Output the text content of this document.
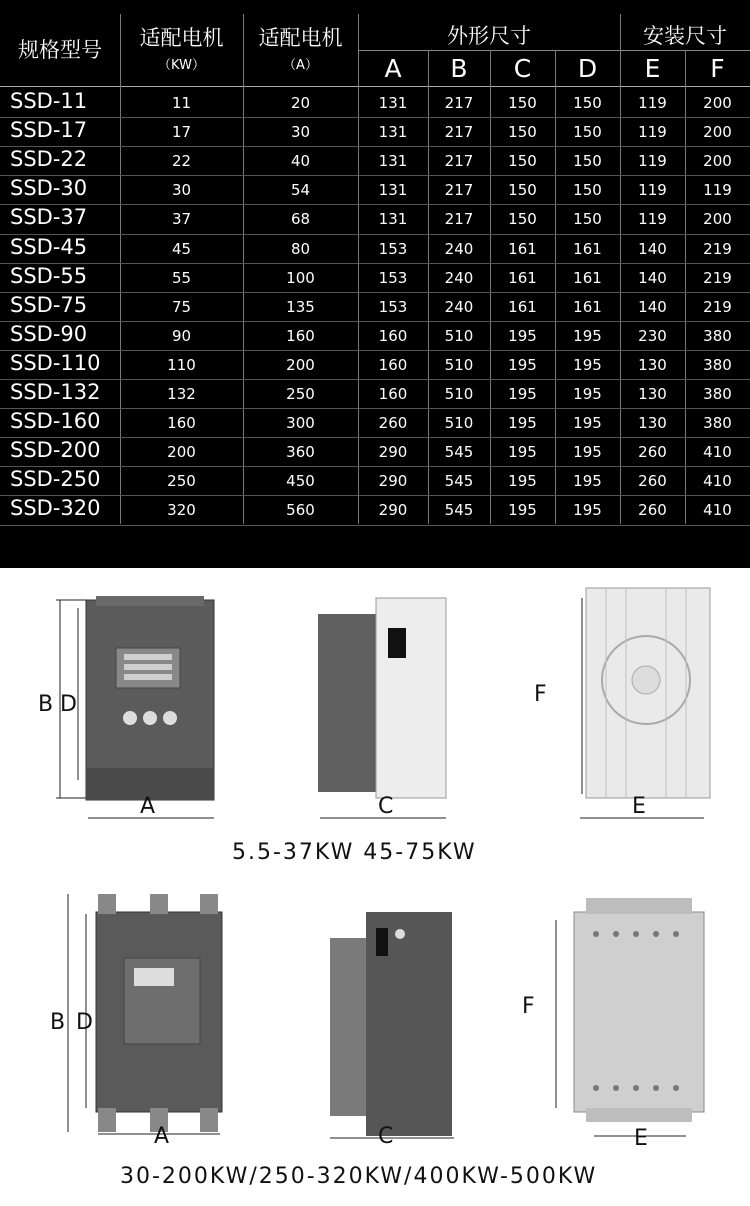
规格型号	适配电机
（KW）
适配电机
（A）
外形尺寸	安装尺寸
A	B	C	D	E	F
SSD-11	11	20	131	217	150	150	119	200
SSD-17	17	30	131	217	150	150	119	200
SSD-22	22	40	131	217	150	150	119	200
SSD-30	30	54	131	217	150	150	119	119
SSD-37	37	68	131	217	150	150	119	200
SSD-45	45	80	153	240	161	161	140	219
SSD-55	55	100	153	240	161	161	140	219
SSD-75	75	135	153	240	161	161	140	219
SSD-90	90	160	160	510	195	195	230	380
SSD-110	110	200	160	510	195	195	130	380
SSD-132	132	250	160	510	195	195	130	380
SSD-160	160	300	260	510	195	195	130	380
SSD-200	200	360	290	545	195	195	260	410
SSD-250	250	450	290	545	195	195	260	410
SSD-320	320	560	290	545	195	195	260	410
B D
A	C
F
E
5.5-37KW 45-75KW
B D
A	C
F
E
30-200KW/250-320KW/400KW-500KW
